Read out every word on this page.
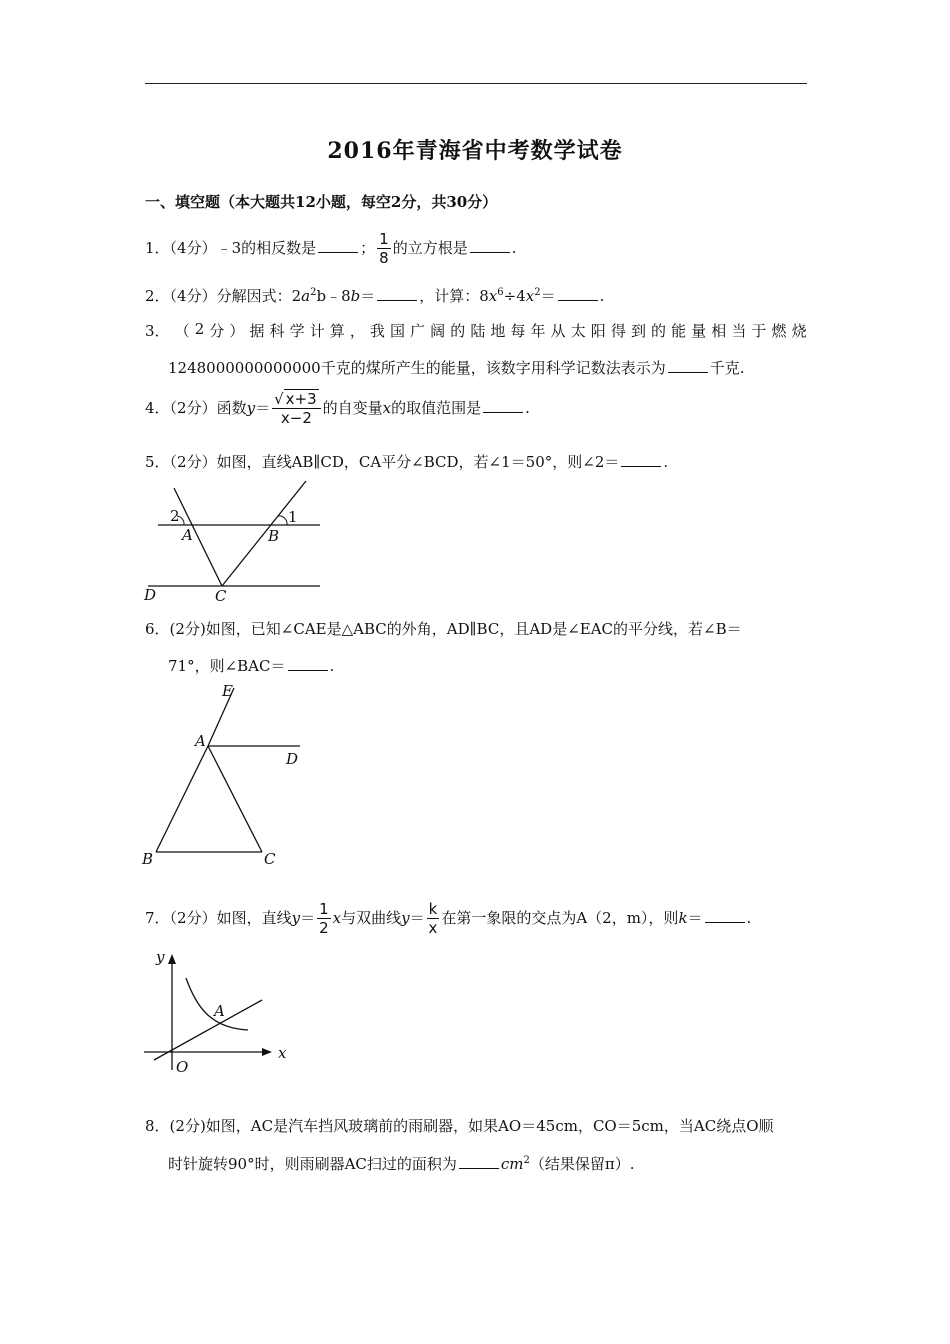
2016年青海省中考数学试卷
一、填空题（本大题共12小题，每空2分，共30分）
1．（4分）﹣3的相反数是	； $\frac{1}{8}$ 的立方根是	.
2．（4分）分解因式：$2a^2b﹣8b=$	，计算：$8x^6\div 4x^2=$	.
3． （ 2 分 ） 据 科 学 计 算 ， 我 国 广 阔 的 陆 地 每 年 从 太 阳 得 到 的 能 量 相 当 于 燃 烧
1248000000000000千克的煤所产生的能量，该数字用科学记数法表示为	千克.
4．（2分）函数$y= \frac{√ x+3}{x-2}$ 的自变量x的取值范围是	.
5．（2分）如图，直线AB∥CD，CA平分∠BCD，若∠1＝50°，则∠2＝	.
2	1
A	B
D	C
6．(2分)如图，已知∠CAE是△ABC的外角，AD∥BC，且AD是∠EAC的平分线，若∠B＝
71°，则∠BAC＝	.
E
A
D
B	C
7．（2分）如图，直线$y= \frac{1}{2}$ x与双曲线$y= \frac{k}{x}$ 在第一象限的交点为A（2，m），则k＝	.
y
x
O
A
8．(2分)如图，AC是汽车挡风玻璃前的雨刷器，如果AO＝45cm，CO＝5cm，当AC绕点O顺
时针旋转90°时，则雨刷器AC扫过的面积为	$cm^2$（结果保留π）.
